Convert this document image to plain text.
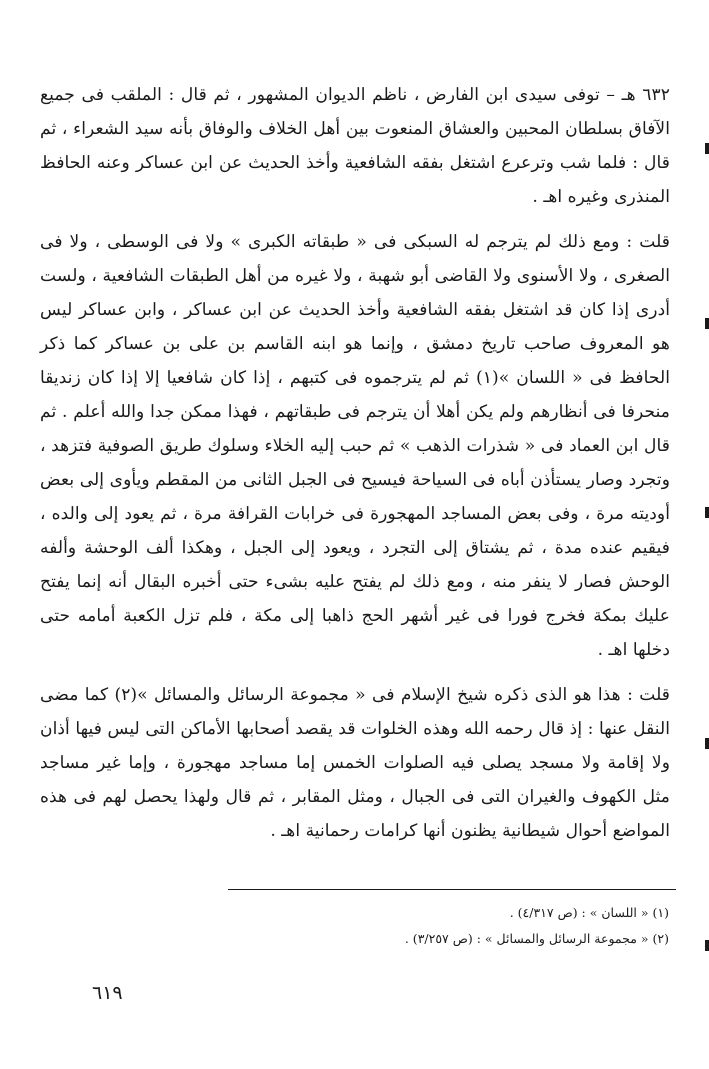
٦٣٢ هـ – توفى سيدى ابن الفارض ، ناظم الديوان المشهور ، ثم قال : الملقب فى جميع الآفاق بسلطان المحبين والعشاق المنعوت بين أهل الخلاف والوفاق بأنه سيد الشعراء ، ثم قال : فلما شب وترعرع اشتغل بفقه الشافعية وأخذ الحديث عن ابن عساكر وعنه الحافظ المنذرى وغيره اهـ .

قلت : ومع ذلك لم يترجم له السبكى فى « طبقاته الكبرى » ولا فى الوسطى ، ولا فى الصغرى ، ولا الأسنوى ولا القاضى أبو شهبة ، ولا غيره من أهل الطبقات الشافعية ، ولست أدرى إذا كان قد اشتغل بفقه الشافعية وأخذ الحديث عن ابن عساكر ، وابن عساكر ليس هو المعروف صاحب تاريخ دمشق ، وإنما هو ابنه القاسم بن على بن عساكر كما ذكر الحافظ فى « اللسان »(١) ثم لم يترجموه فى كتبهم ، إذا كان شافعيا إلا إذا كان زنديقا منحرفا فى أنظارهم ولم يكن أهلا أن يترجم فى طبقاتهم ، فهذا ممكن جدا والله أعلم . ثم قال ابن العماد فى « شذرات الذهب » ثم حبب إليه الخلاء وسلوك طريق الصوفية فتزهد ، وتجرد وصار يستأذن أباه فى السياحة فيسيح فى الجبل الثانى من المقطم ويأوى إلى بعض أوديته مرة ، وفى بعض المساجد المهجورة فى خرابات القرافة مرة ، ثم يعود إلى والده ، فيقيم عنده مدة ، ثم يشتاق إلى التجرد ، ويعود إلى الجبل ، وهكذا ألف الوحشة وألفه الوحش فصار لا ينفر منه ، ومع ذلك لم يفتح عليه بشىء حتى أخبره البقال أنه إنما يفتح عليك بمكة فخرج فورا فى غير أشهر الحج ذاهبا إلى مكة ، فلم تزل الكعبة أمامه حتى دخلها اهـ .

قلت : هذا هو الذى ذكره شيخ الإسلام فى « مجموعة الرسائل والمسائل »(٢) كما مضى النقل عنها : إذ قال رحمه الله وهذه الخلوات قد يقصد أصحابها الأماكن التى ليس فيها أذان ولا إقامة ولا مسجد يصلى فيه الصلوات الخمس إما مساجد مهجورة ، وإما غير مساجد مثل الكهوف والغيران التى فى الجبال ، ومثل المقابر ، ثم قال ولهذا يحصل لهم فى هذه المواضع أحوال شيطانية يظنون أنها كرامات رحمانية اهـ .

(١) « اللسان » : (ص ٤/٣١٧) .

(٢) « مجموعة الرسائل والمسائل » : (ص ٣/٢٥٧) .

٦١٩
